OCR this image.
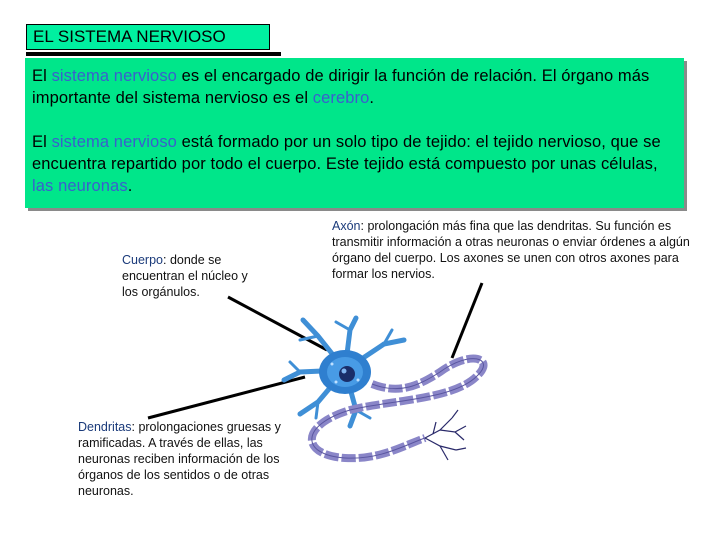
EL SISTEMA NERVIOSO
El sistema nervioso es el encargado de dirigir la función de relación. El órgano más importante del sistema nervioso es el cerebro.
El sistema nervioso está formado por un solo tipo de tejido: el tejido nervioso, que se encuentra repartido por todo el cuerpo. Este tejido está compuesto por unas células, las neuronas.
Cuerpo: donde se encuentran el núcleo y los orgánulos.
Axón: prolongación más fina que las dendritas. Su función es transmitir información a otras neuronas o enviar órdenes a algún órgano del cuerpo. Los axones se unen con otros axones para formar los nervios.
Dendritas: prolongaciones gruesas y ramificadas. A través de ellas, las neuronas reciben información de los órganos de los sentidos o de otras neuronas.
